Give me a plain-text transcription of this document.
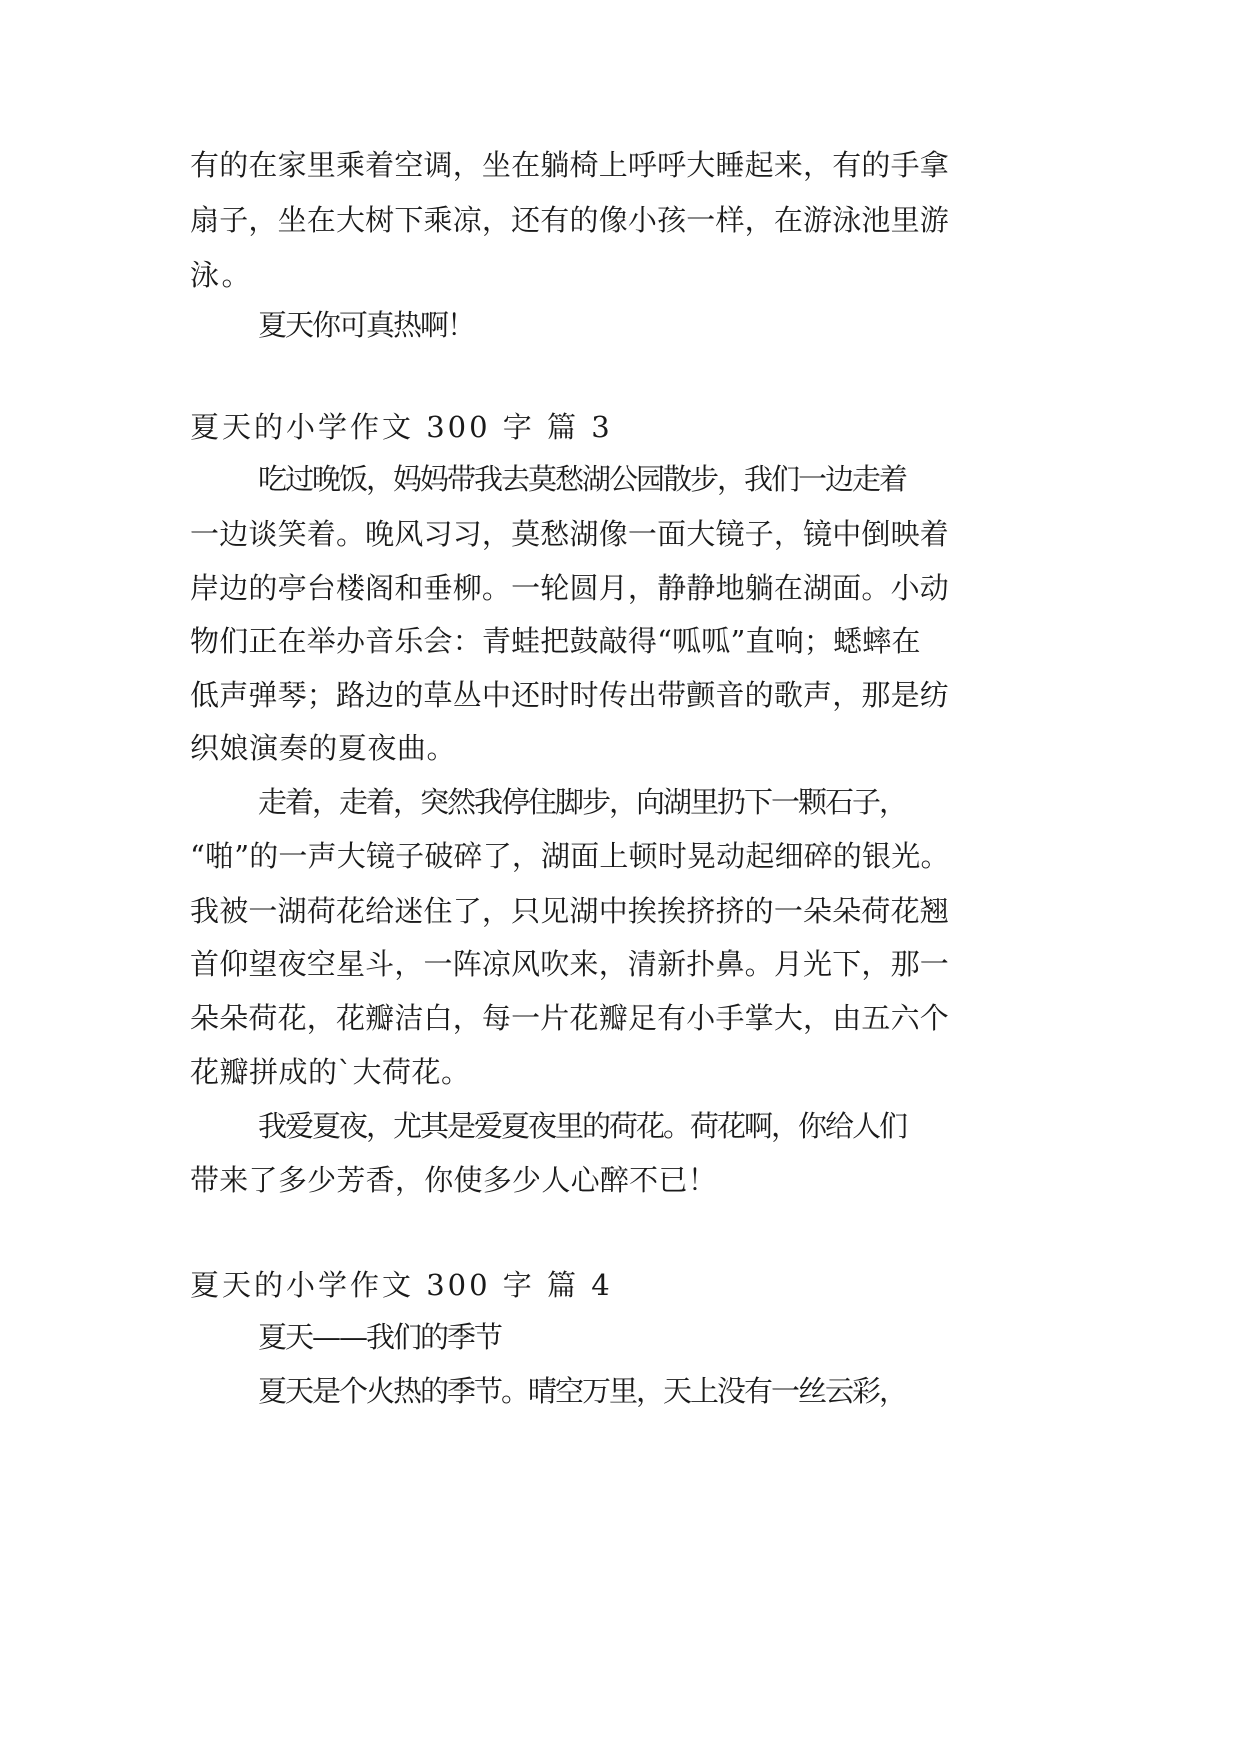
有的在家里乘着空调，坐在躺椅上呼呼大睡起来，有的手拿
扇子，坐在大树下乘凉，还有的像小孩一样，在游泳池里游
泳。
夏天你可真热啊！
夏天的小学作文 300 字 篇 3
吃过晚饭，妈妈带我去莫愁湖公园散步，我们一边走着
一边谈笑着。晚风习习，莫愁湖像一面大镜子，镜中倒映着
岸边的亭台楼阁和垂柳。一轮圆月，静静地躺在湖面。小动
物们正在举办音乐会：青蛙把鼓敲得“呱呱”直响；蟋蟀在
低声弹琴；路边的草丛中还时时传出带颤音的歌声，那是纺
织娘演奏的夏夜曲。
走着，走着，突然我停住脚步，向湖里扔下一颗石子，
“啪”的一声大镜子破碎了，湖面上顿时晃动起细碎的银光。
我被一湖荷花给迷住了，只见湖中挨挨挤挤的一朵朵荷花翘
首仰望夜空星斗，一阵凉风吹来，清新扑鼻。月光下，那一
朵朵荷花，花瓣洁白，每一片花瓣足有小手掌大，由五六个
花瓣拼成的`大荷花。
我爱夏夜，尤其是爱夏夜里的荷花。荷花啊，你给人们
带来了多少芳香，你使多少人心醉不已！
夏天的小学作文 300 字 篇 4
夏天——我们的季节
夏天是个火热的季节。晴空万里，天上没有一丝云彩，
